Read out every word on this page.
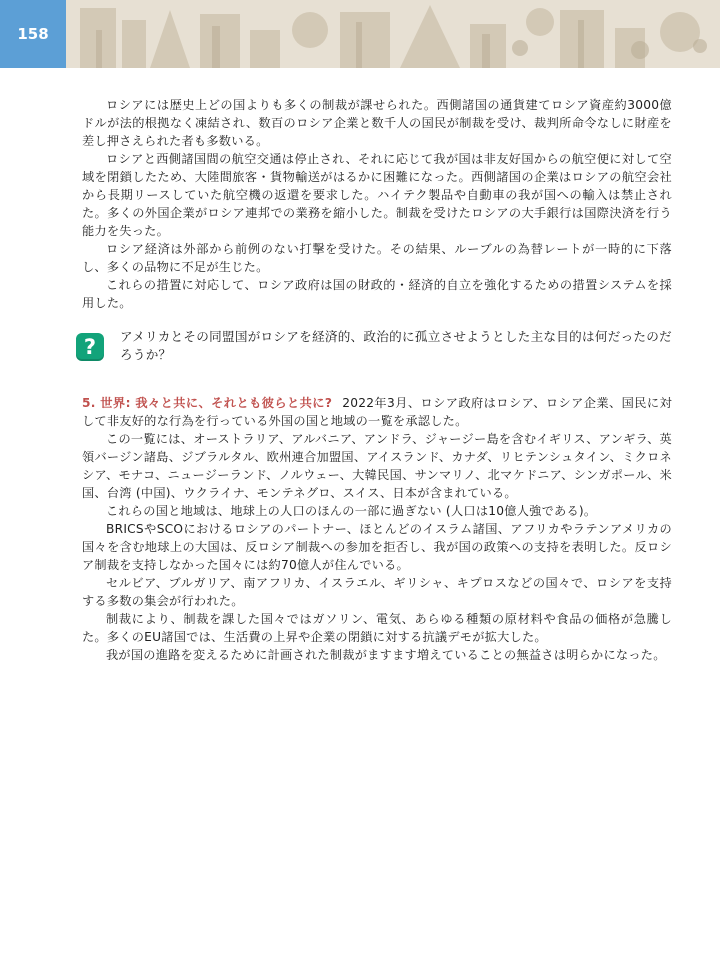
158

ロシアには歴史上どの国よりも多くの制裁が課せられた。西側諸国の通貨建てロシア資産約3000億ドルが法的根拠なく凍結され、数百のロシア企業と数千人の国民が制裁を受け、裁判所命令なしに財産を差し押さえられた者も多数いる。

ロシアと西側諸国間の航空交通は停止され、それに応じて我が国は非友好国からの航空便に対して空域を閉鎖したため、大陸間旅客・貨物輸送がはるかに困難になった。西側諸国の企業はロシアの航空会社から長期リースしていた航空機の返還を要求した。ハイテク製品や自動車の我が国への輸入は禁止された。多くの外国企業がロシア連邦での業務を縮小した。制裁を受けたロシアの大手銀行は国際決済を行う能力を失った。

ロシア経済は外部から前例のない打撃を受けた。その結果、ルーブルの為替レートが一時的に下落し、多くの品物に不足が生じた。

これらの措置に対応して、ロシア政府は国の財政的・経済的自立を強化するための措置システムを採用した。

? アメリカとその同盟国がロシアを経済的、政治的に孤立させようとした主な目的は何だったのだろうか？

5. 世界: 我々と共に、それとも彼らと共に? 2022年3月、ロシア政府はロシア、ロシア企業、国民に対して非友好的な行為を行っている外国の国と地域の一覧を承認した。

この一覧には、オーストラリア、アルバニア、アンドラ、ジャージー島を含むイギリス、アンギラ、英領バージン諸島、ジブラルタル、欧州連合加盟国、アイスランド、カナダ、リヒテンシュタイン、ミクロネシア、モナコ、ニュージーランド、ノルウェー、大韓民国、サンマリノ、北マケドニア、シンガポール、米国、台湾 (中国)、ウクライナ、モンテネグロ、スイス、日本が含まれている。

これらの国と地域は、地球上の人口のほんの一部に過ぎない (人口は10億人強である)。

BRICSやSCOにおけるロシアのパートナー、ほとんどのイスラム諸国、アフリカやラテンアメリカの国々を含む地球上の大国は、反ロシア制裁への参加を拒否し、我が国の政策への支持を表明した。反ロシア制裁を支持しなかった国々には約70億人が住んでいる。

セルビア、ブルガリア、南アフリカ、イスラエル、ギリシャ、キプロスなどの国々で、ロシアを支持する多数の集会が行われた。

制裁により、制裁を課した国々ではガソリン、電気、あらゆる種類の原材料や食品の価格が急騰した。多くのEU諸国では、生活費の上昇や企業の閉鎖に対する抗議デモが拡大した。

我が国の進路を変えるために計画された制裁がますます増えていることの無益さは明らかになった。
